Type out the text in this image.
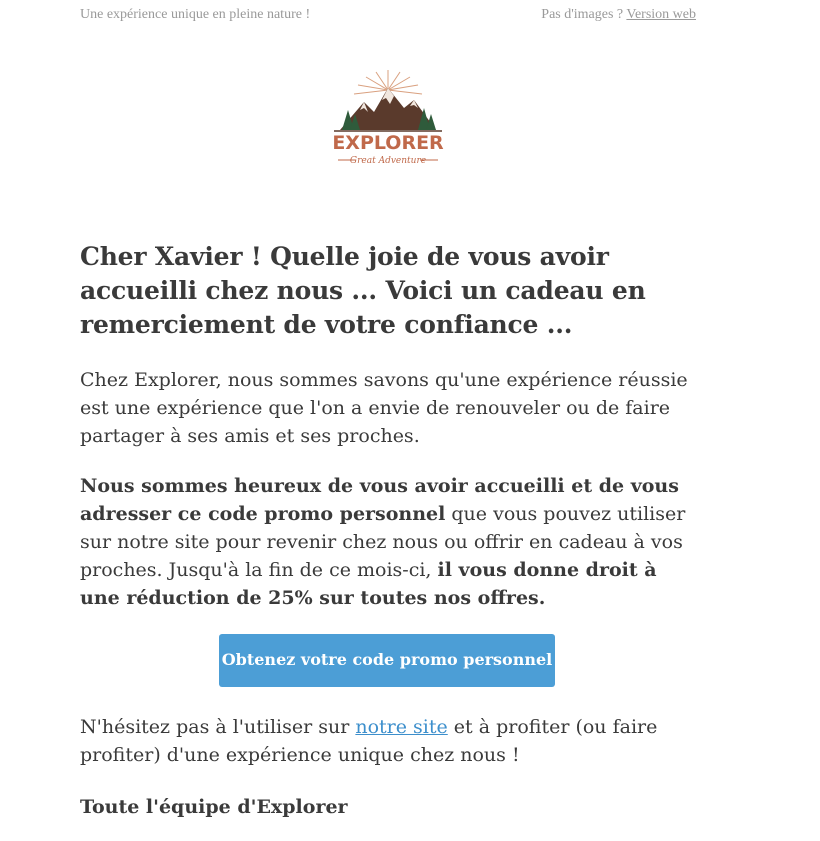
Une expérience unique en pleine nature !	Pas d'images ? Version web
EXPLORER
Great Adventure
Cher Xavier ! Quelle joie de vous avoir accueilli chez nous ... Voici un cadeau en remerciement de votre confiance ...

Chez Explorer, nous sommes savons qu'une expérience réussie est une expérience que l'on a envie de renouveler ou de faire partager à ses amis et ses proches.

Nous sommes heureux de vous avoir accueilli et de vous adresser ce code promo personnel que vous pouvez utiliser sur notre site pour revenir chez nous ou offrir en cadeau à vos proches. Jusqu'à la fin de ce mois-ci, il vous donne droit à une réduction de 25% sur toutes nos offres.

Obtenez votre code promo personnel

N'hésitez pas à l'utiliser sur notre site et à profiter (ou faire profiter) d'une expérience unique chez nous !

Toute l'équipe d'Explorer
